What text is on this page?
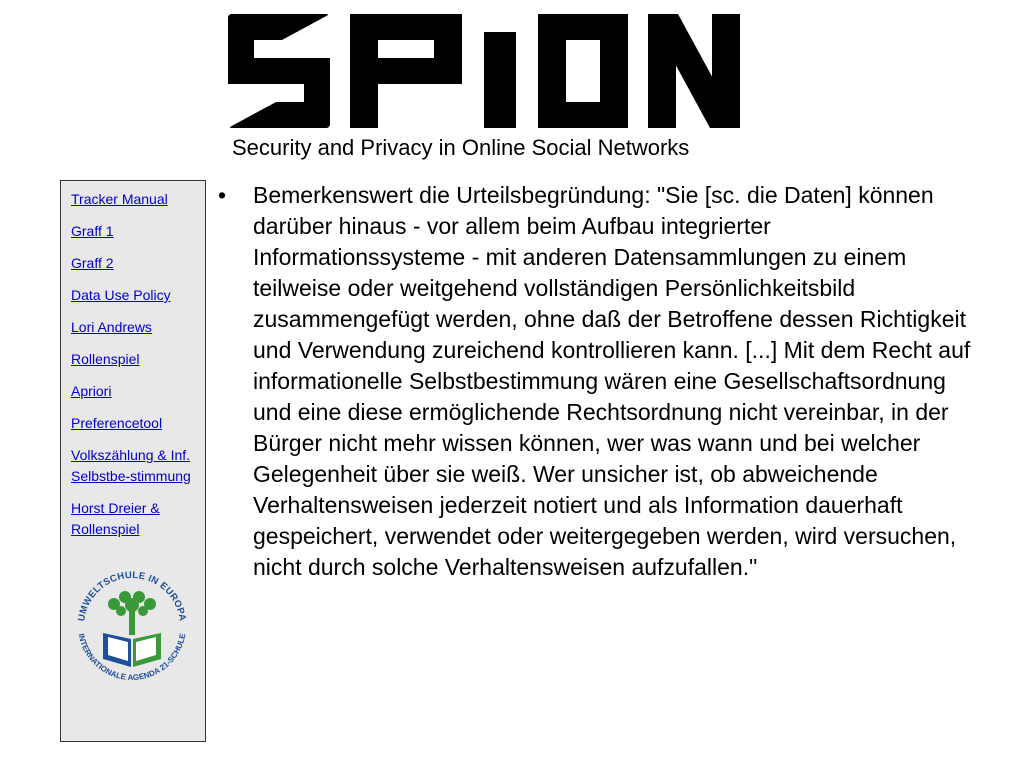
Security and Privacy in Online Social Networks
Tracker Manual
Graff 1
Graff 2
Data Use Policy
Lori Andrews
Rollenspiel
Apriori
Preferencetool
Volkszählung & Inf. Selbstbe-stimmung
Horst Dreier & Rollenspiel
UMWELTSCHULE IN EUROPA
INTERNATIONALE AGENDA 21-SCHULE
• Bemerkenswert die Urteilsbegründung: "Sie [sc. die Daten] können darüber hinaus - vor allem beim Aufbau integrierter Informationssysteme - mit anderen Datensammlungen zu einem teilweise oder weitgehend vollständigen Persönlichkeitsbild zusammengefügt werden, ohne daß der Betroffene dessen Richtigkeit und Verwendung zureichend kontrollieren kann. [...] Mit dem Recht auf informationelle Selbstbestimmung wären eine Gesellschaftsordnung und eine diese ermöglichende Rechtsordnung nicht vereinbar, in der Bürger nicht mehr wissen können, wer was wann und bei welcher Gelegenheit über sie weiß. Wer unsicher ist, ob abweichende Verhaltensweisen jederzeit notiert und als Information dauerhaft gespeichert, verwendet oder weitergegeben werden, wird versuchen, nicht durch solche Verhaltensweisen aufzufallen."
